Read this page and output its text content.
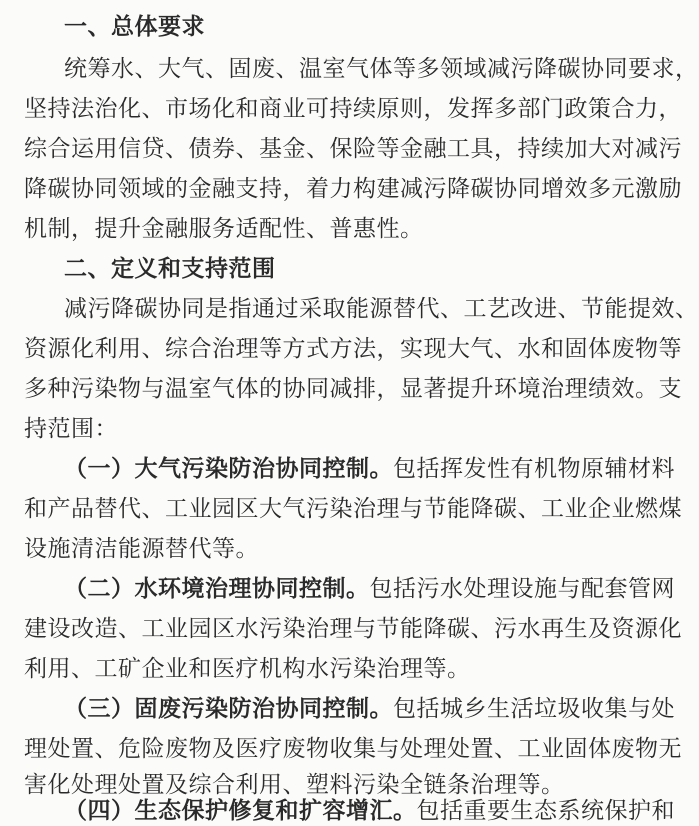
一、总体要求
统筹水、大气、固废、温室气体等多领域减污降碳协同要求，
坚持法治化、市场化和商业可持续原则，发挥多部门政策合力，
综合运用信贷、债券、基金、保险等金融工具，持续加大对减污
降碳协同领域的金融支持，着力构建减污降碳协同增效多元激励
机制，提升金融服务适配性、普惠性。
二、定义和支持范围
减污降碳协同是指通过采取能源替代、工艺改进、节能提效、
资源化利用、综合治理等方式方法，实现大气、水和固体废物等
多种污染物与温室气体的协同减排，显著提升环境治理绩效。支
持范围：
（一）大气污染防治协同控制。包括挥发性有机物原辅材料
和产品替代、工业园区大气污染治理与节能降碳、工业企业燃煤
设施清洁能源替代等。
（二）水环境治理协同控制。包括污水处理设施与配套管网
建设改造、工业园区水污染治理与节能降碳、污水再生及资源化
利用、工矿企业和医疗机构水污染治理等。
（三）固废污染防治协同控制。包括城乡生活垃圾收集与处
理处置、危险废物及医疗废物收集与处理处置、工业固体废物无
害化处理处置及综合利用、塑料污染全链条治理等。
（四）生态保护修复和扩容增汇。包括重要生态系统保护和
